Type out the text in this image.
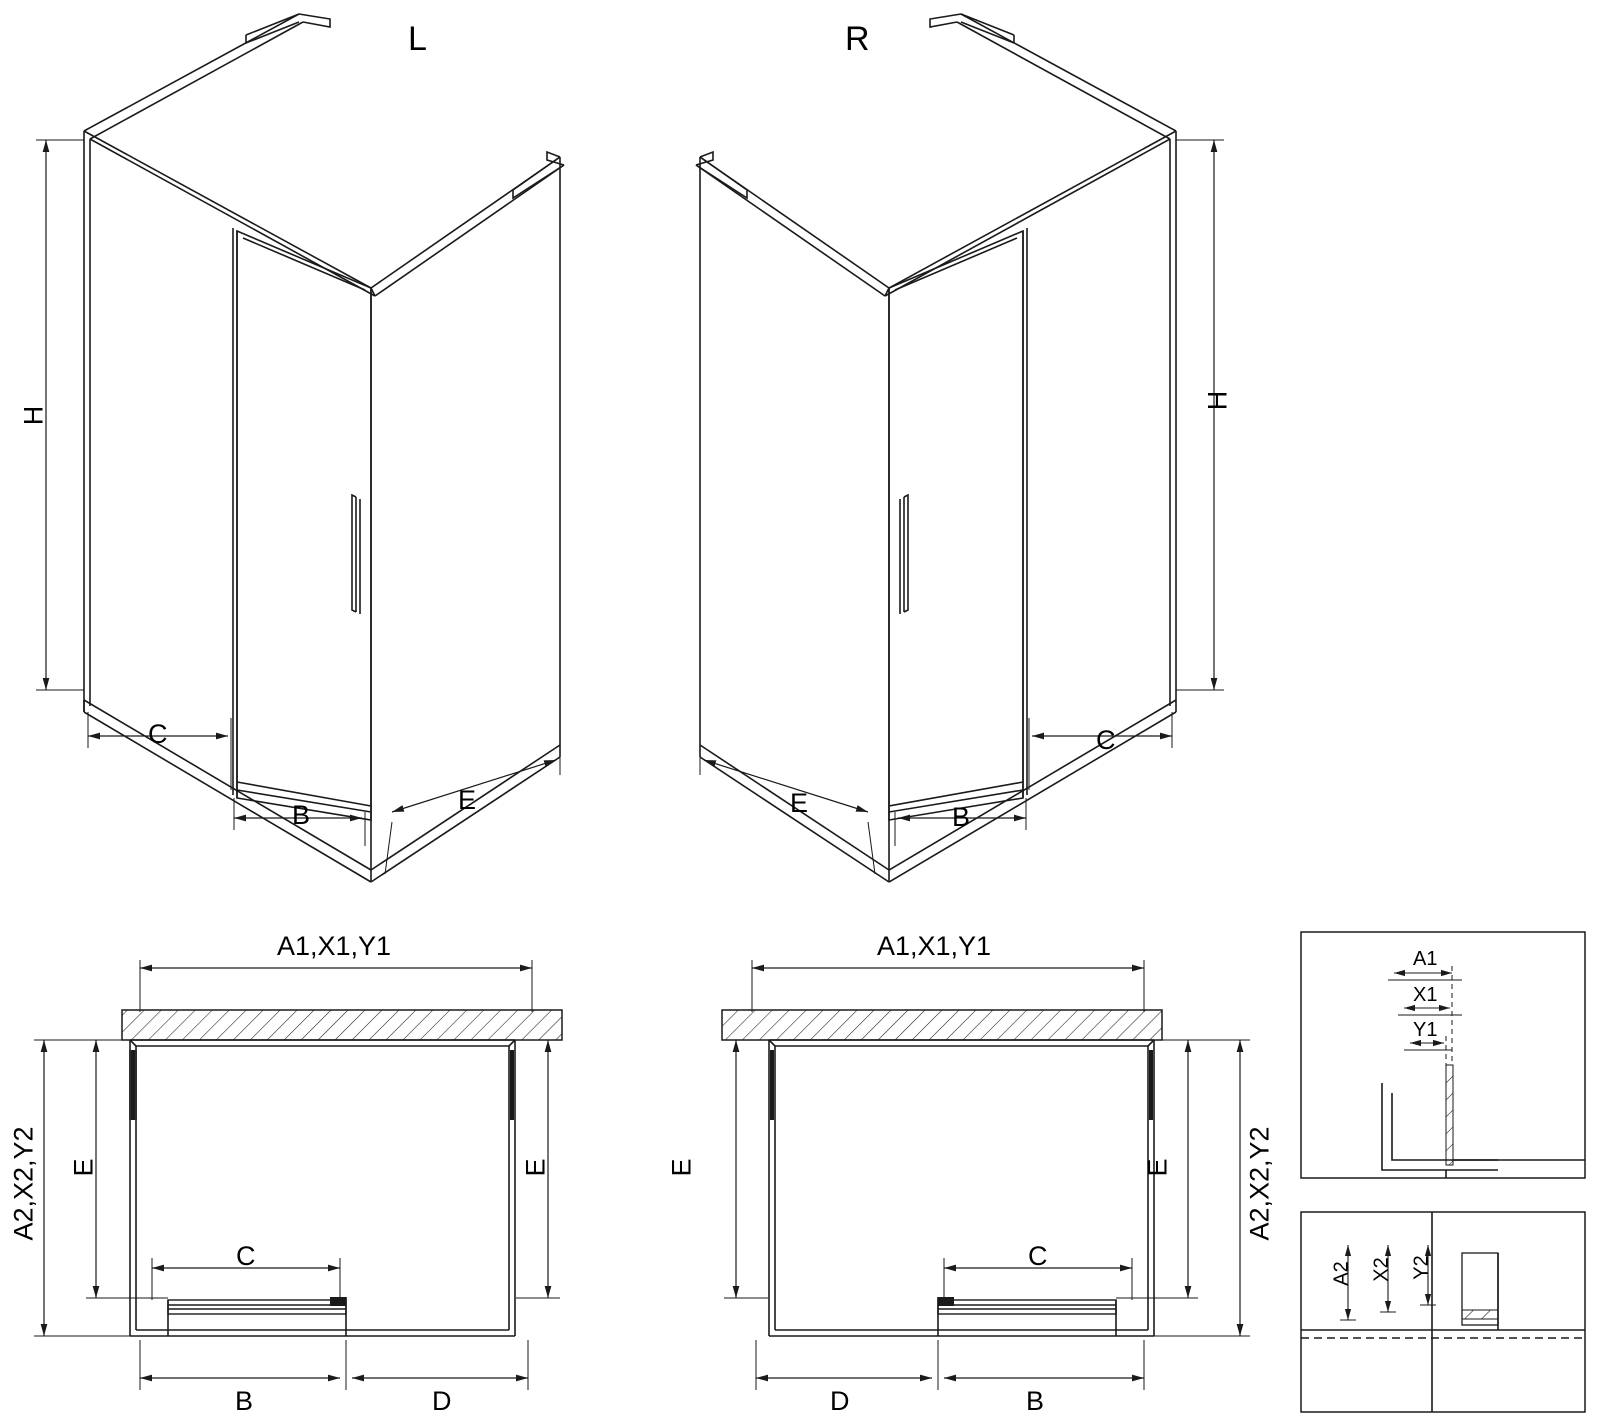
L
H
C
B	E
R
H
C
B
E
A1,X1,Y1
A2,X2,Y2	E	E
C
B	D
A1,X1,Y1
A2,X2,Y2
E	E
C
B
D
A1
X1
Y1
A2 X2 Y2
